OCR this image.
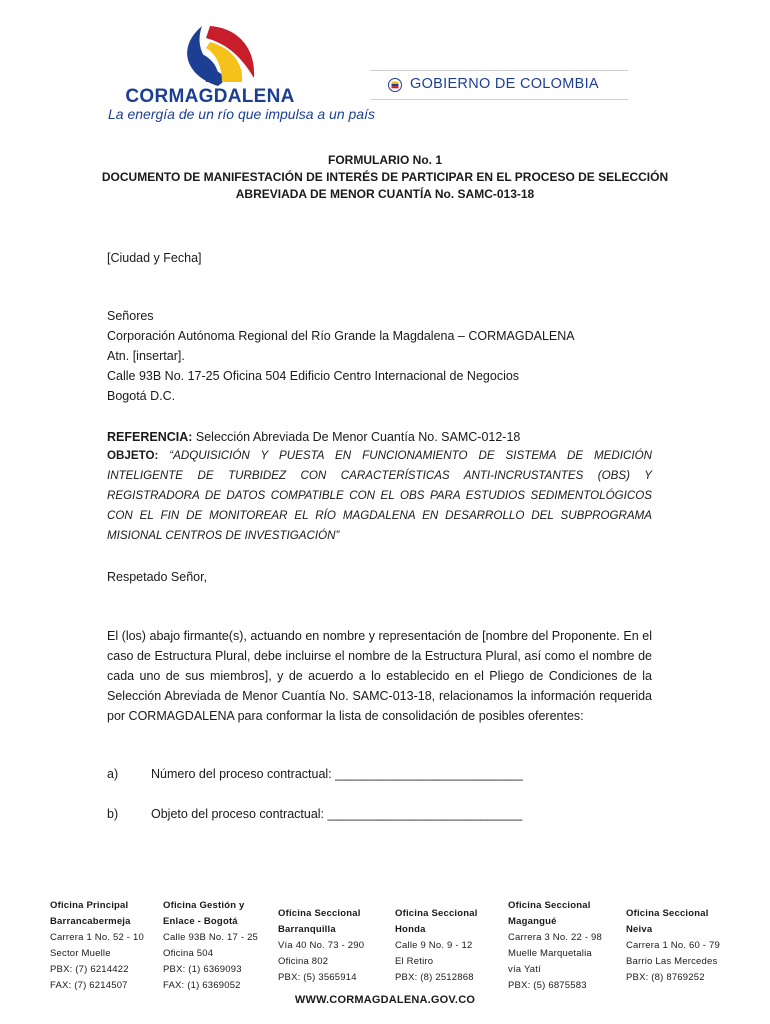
CORMAGDALENA
La energía de un río que impulsa a un país
GOBIERNO DE COLOMBIA
FORMULARIO No. 1
DOCUMENTO DE MANIFESTACIÓN DE INTERÉS DE PARTICIPAR EN EL PROCESO DE SELECCIÓN
ABREVIADA DE MENOR CUANTÍA No. SAMC-013-18
[Ciudad y Fecha]
Señores
Corporación Autónoma Regional del Río Grande la Magdalena – CORMAGDALENA
Atn. [insertar].
Calle 93B No. 17-25 Oficina 504 Edificio Centro Internacional de Negocios
Bogotá D.C.
REFERENCIA: Selección Abreviada De Menor Cuantía No. SAMC-012-18
OBJETO: “ADQUISICIÓN Y PUESTA EN FUNCIONAMIENTO DE SISTEMA DE MEDICIÓN INTELIGENTE DE TURBIDEZ CON CARACTERÍSTICAS ANTI-INCRUSTANTES (OBS) Y REGISTRADORA DE DATOS COMPATIBLE CON EL OBS PARA ESTUDIOS SEDIMENTOLÓGICOS CON EL FIN DE MONITOREAR EL RÍO MAGDALENA EN DESARROLLO DEL SUBPROGRAMA MISIONAL CENTROS DE INVESTIGACIÓN”
Respetado Señor,
El (los) abajo firmante(s), actuando en nombre y representación de [nombre del Proponente. En el caso de Estructura Plural, debe incluirse el nombre de la Estructura Plural, así como el nombre de cada uno de sus miembros], y de acuerdo a lo establecido en el Pliego de Condiciones de la Selección Abreviada de Menor Cuantía No. SAMC-013-18, relacionamos la información requerida por CORMAGDALENA para conformar la lista de consolidación de posibles oferentes:
a)	Número del proceso contractual: ___________________________
b)	Objeto del proceso contractual: ____________________________
Oficina Principal
Barrancabermeja
Carrera 1 No. 52 - 10
Sector Muelle
PBX: (7) 6214422
FAX: (7) 6214507
Oficina Gestión y
Enlace - Bogotá
Calle 93B No. 17 - 25
Oficina 504
PBX: (1) 6369093
FAX: (1) 6369052
Oficina Seccional
Barranquilla
Vía 40 No. 73 - 290
Oficina 802
PBX: (5) 3565914
Oficina Seccional
Honda
Calle 9 No. 9 - 12
El Retiro
PBX: (8) 2512868
Oficina Seccional
Magangué
Carrera 3 No. 22 - 98
Muelle Marquetalia
vía Yatí
PBX: (5) 6875583
Oficina Seccional
Neiva
Carrera 1 No. 60 - 79
Barrio Las Mercedes
PBX: (8) 8769252
WWW.CORMAGDALENA.GOV.CO
